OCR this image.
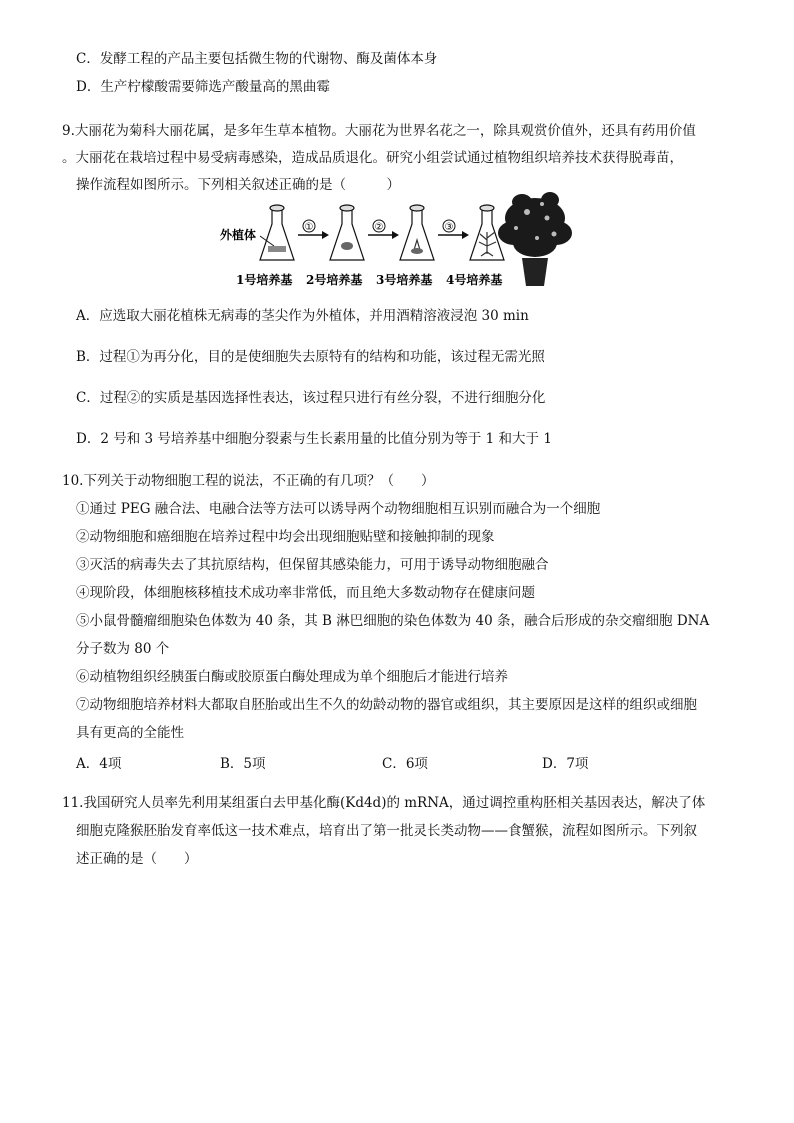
C．发酵工程的产品主要包括微生物的代谢物、酶及菌体本身
D．生产柠檬酸需要筛选产酸量高的黑曲霉
9.大丽花为菊科大丽花属，是多年生草本植物。大丽花为世界名花之一，除具观赏价值外，还具有药用价值
。大丽花在栽培过程中易受病毒感染，造成品质退化。研究小组尝试通过植物组织培养技术获得脱毒苗，
操作流程如图所示。下列相关叙述正确的是（　　　）
外植体
①	②	③
1号培养基 2号培养基 3号培养基 4号培养基
A．应选取大丽花植株无病毒的茎尖作为外植体，并用酒精溶液浸泡 30 min
B．过程①为再分化，目的是使细胞失去原特有的结构和功能，该过程无需光照
C．过程②的实质是基因选择性表达，该过程只进行有丝分裂，不进行细胞分化
D．2 号和 3 号培养基中细胞分裂素与生长素用量的比值分别为等于 1 和大于 1
10.下列关于动物细胞工程的说法，不正确的有几项？（　　）
①通过 PEG 融合法、电融合法等方法可以诱导两个动物细胞相互识别而融合为一个细胞
②动物细胞和癌细胞在培养过程中均会出现细胞贴壁和接触抑制的现象
③灭活的病毒失去了其抗原结构，但保留其感染能力，可用于诱导动物细胞融合
④现阶段，体细胞核移植技术成功率非常低，而且绝大多数动物存在健康问题
⑤小鼠骨髓瘤细胞染色体数为 40 条，其 B 淋巴细胞的染色体数为 40 条，融合后形成的杂交瘤细胞 DNA
分子数为 80 个
⑥动植物组织经胰蛋白酶或胶原蛋白酶处理成为单个细胞后才能进行培养
⑦动物细胞培养材料大都取自胚胎或出生不久的幼龄动物的器官或组织，其主要原因是这样的组织或细胞
具有更高的全能性
A．4项	B．5项	C．6项	D．7项
11.我国研究人员率先利用某组蛋白去甲基化酶(Kd4d)的 mRNA，通过调控重构胚相关基因表达，解决了体
细胞克隆猴胚胎发育率低这一技术难点，培育出了第一批灵长类动物——食蟹猴，流程如图所示。下列叙
述正确的是（　　）
